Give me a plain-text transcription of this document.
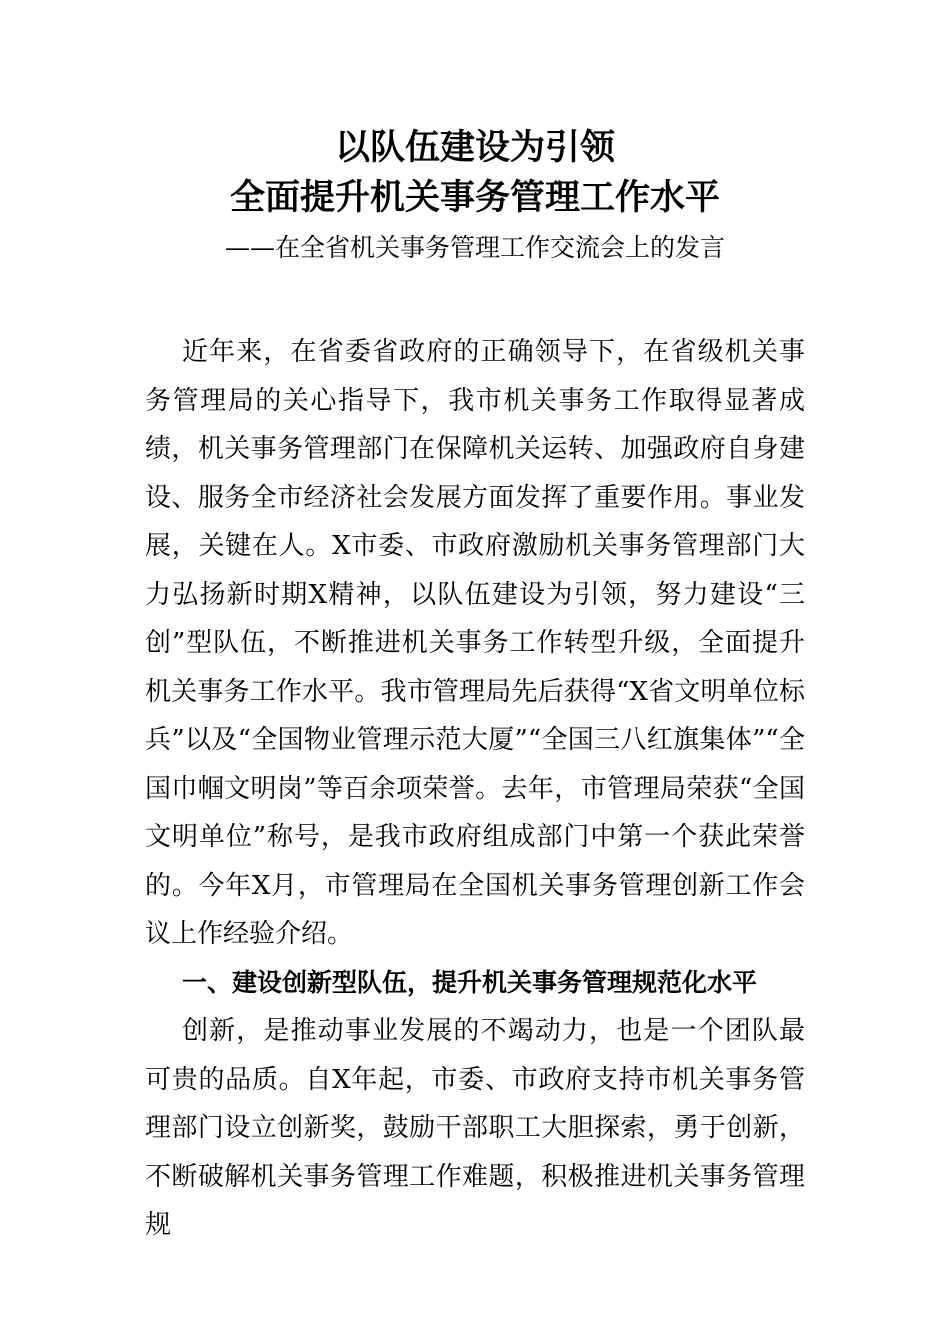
以队伍建设为引领
全面提升机关事务管理工作水平
——在全省机关事务管理工作交流会上的发言

近年来，在省委省政府的正确领导下，在省级机关事务管理局的关心指导下，我市机关事务工作取得显著成绩，机关事务管理部门在保障机关运转、加强政府自身建设、服务全市经济社会发展方面发挥了重要作用。事业发展，关键在人。X市委、市政府激励机关事务管理部门大力弘扬新时期X精神，以队伍建设为引领，努力建设“三创”型队伍，不断推进机关事务工作转型升级，全面提升机关事务工作水平。我市管理局先后获得“X省文明单位标兵”以及“全国物业管理示范大厦”“全国三八红旗集体”“全国巾帼文明岗”等百余项荣誉。去年，市管理局荣获“全国文明单位”称号，是我市政府组成部门中第一个获此荣誉的。今年X月，市管理局在全国机关事务管理创新工作会议上作经验介绍。

一、建设创新型队伍，提升机关事务管理规范化水平

创新，是推动事业发展的不竭动力，也是一个团队最可贵的品质。自X年起，市委、市政府支持市机关事务管理部门设立创新奖，鼓励干部职工大胆探索，勇于创新，不断破解机关事务管理工作难题，积极推进机关事务管理规
